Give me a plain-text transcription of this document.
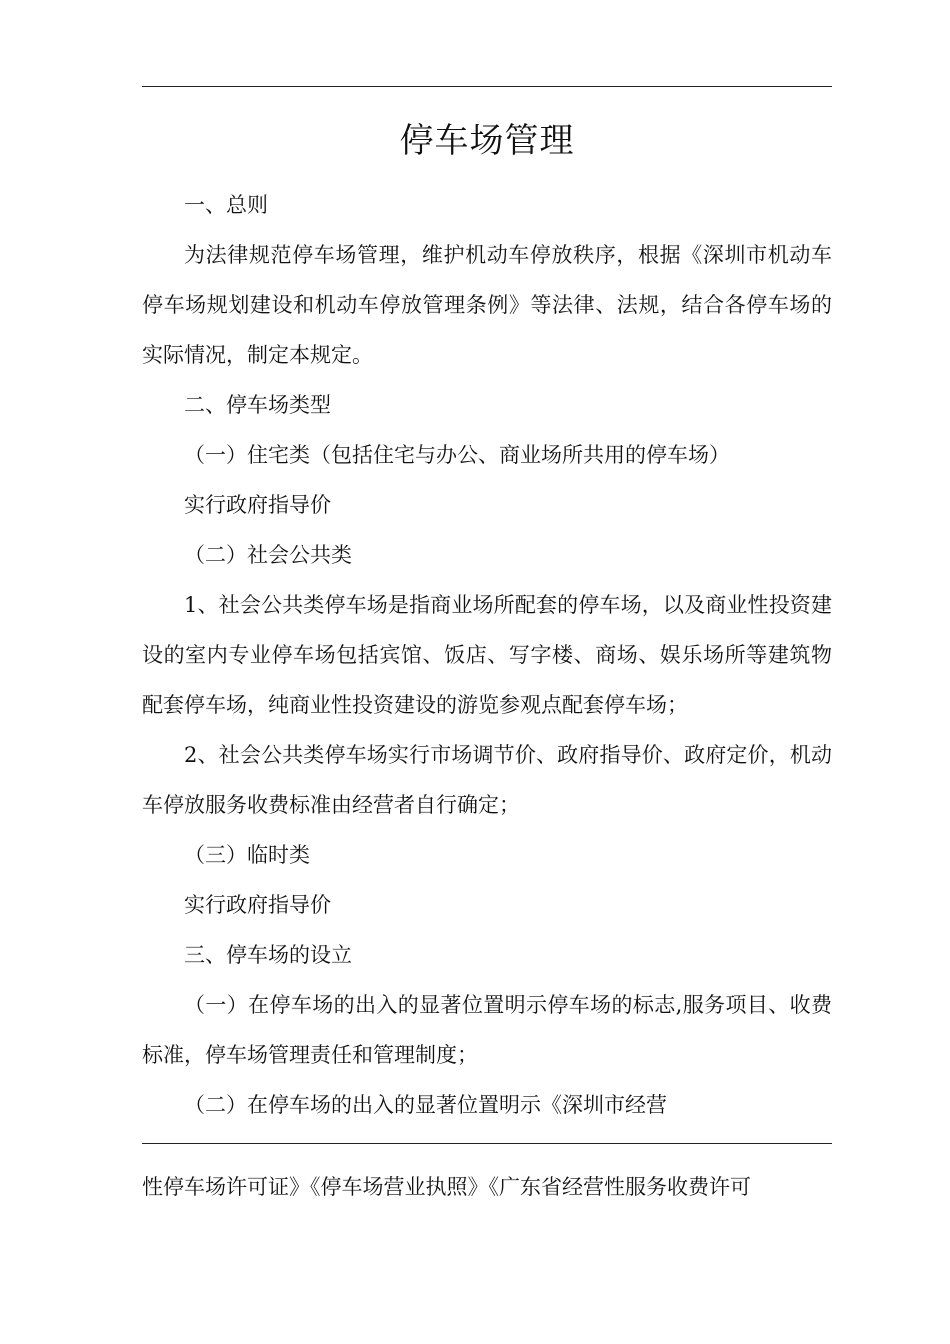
停车场管理

一、总则

为法律规范停车场管理，维护机动车停放秩序，根据《深圳市机动车停车场规划建设和机动车停放管理条例》等法律、法规，结合各停车场的实际情况，制定本规定。

二、停车场类型

（一）住宅类（包括住宅与办公、商业场所共用的停车场）

实行政府指导价

（二）社会公共类

1、社会公共类停车场是指商业场所配套的停车场，以及商业性投资建设的室内专业停车场包括宾馆、饭店、写字楼、商场、娱乐场所等建筑物配套停车场，纯商业性投资建设的游览参观点配套停车场；

2、社会公共类停车场实行市场调节价、政府指导价、政府定价，机动车停放服务收费标准由经营者自行确定；

（三）临时类

实行政府指导价

三、停车场的设立

（一）在停车场的出入的显著位置明示停车场的标志,服务项目、收费标准，停车场管理责任和管理制度；

（二）在停车场的出入的显著位置明示《深圳市经营

性停车场许可证》《停车场营业执照》《广东省经营性服务收费许可
